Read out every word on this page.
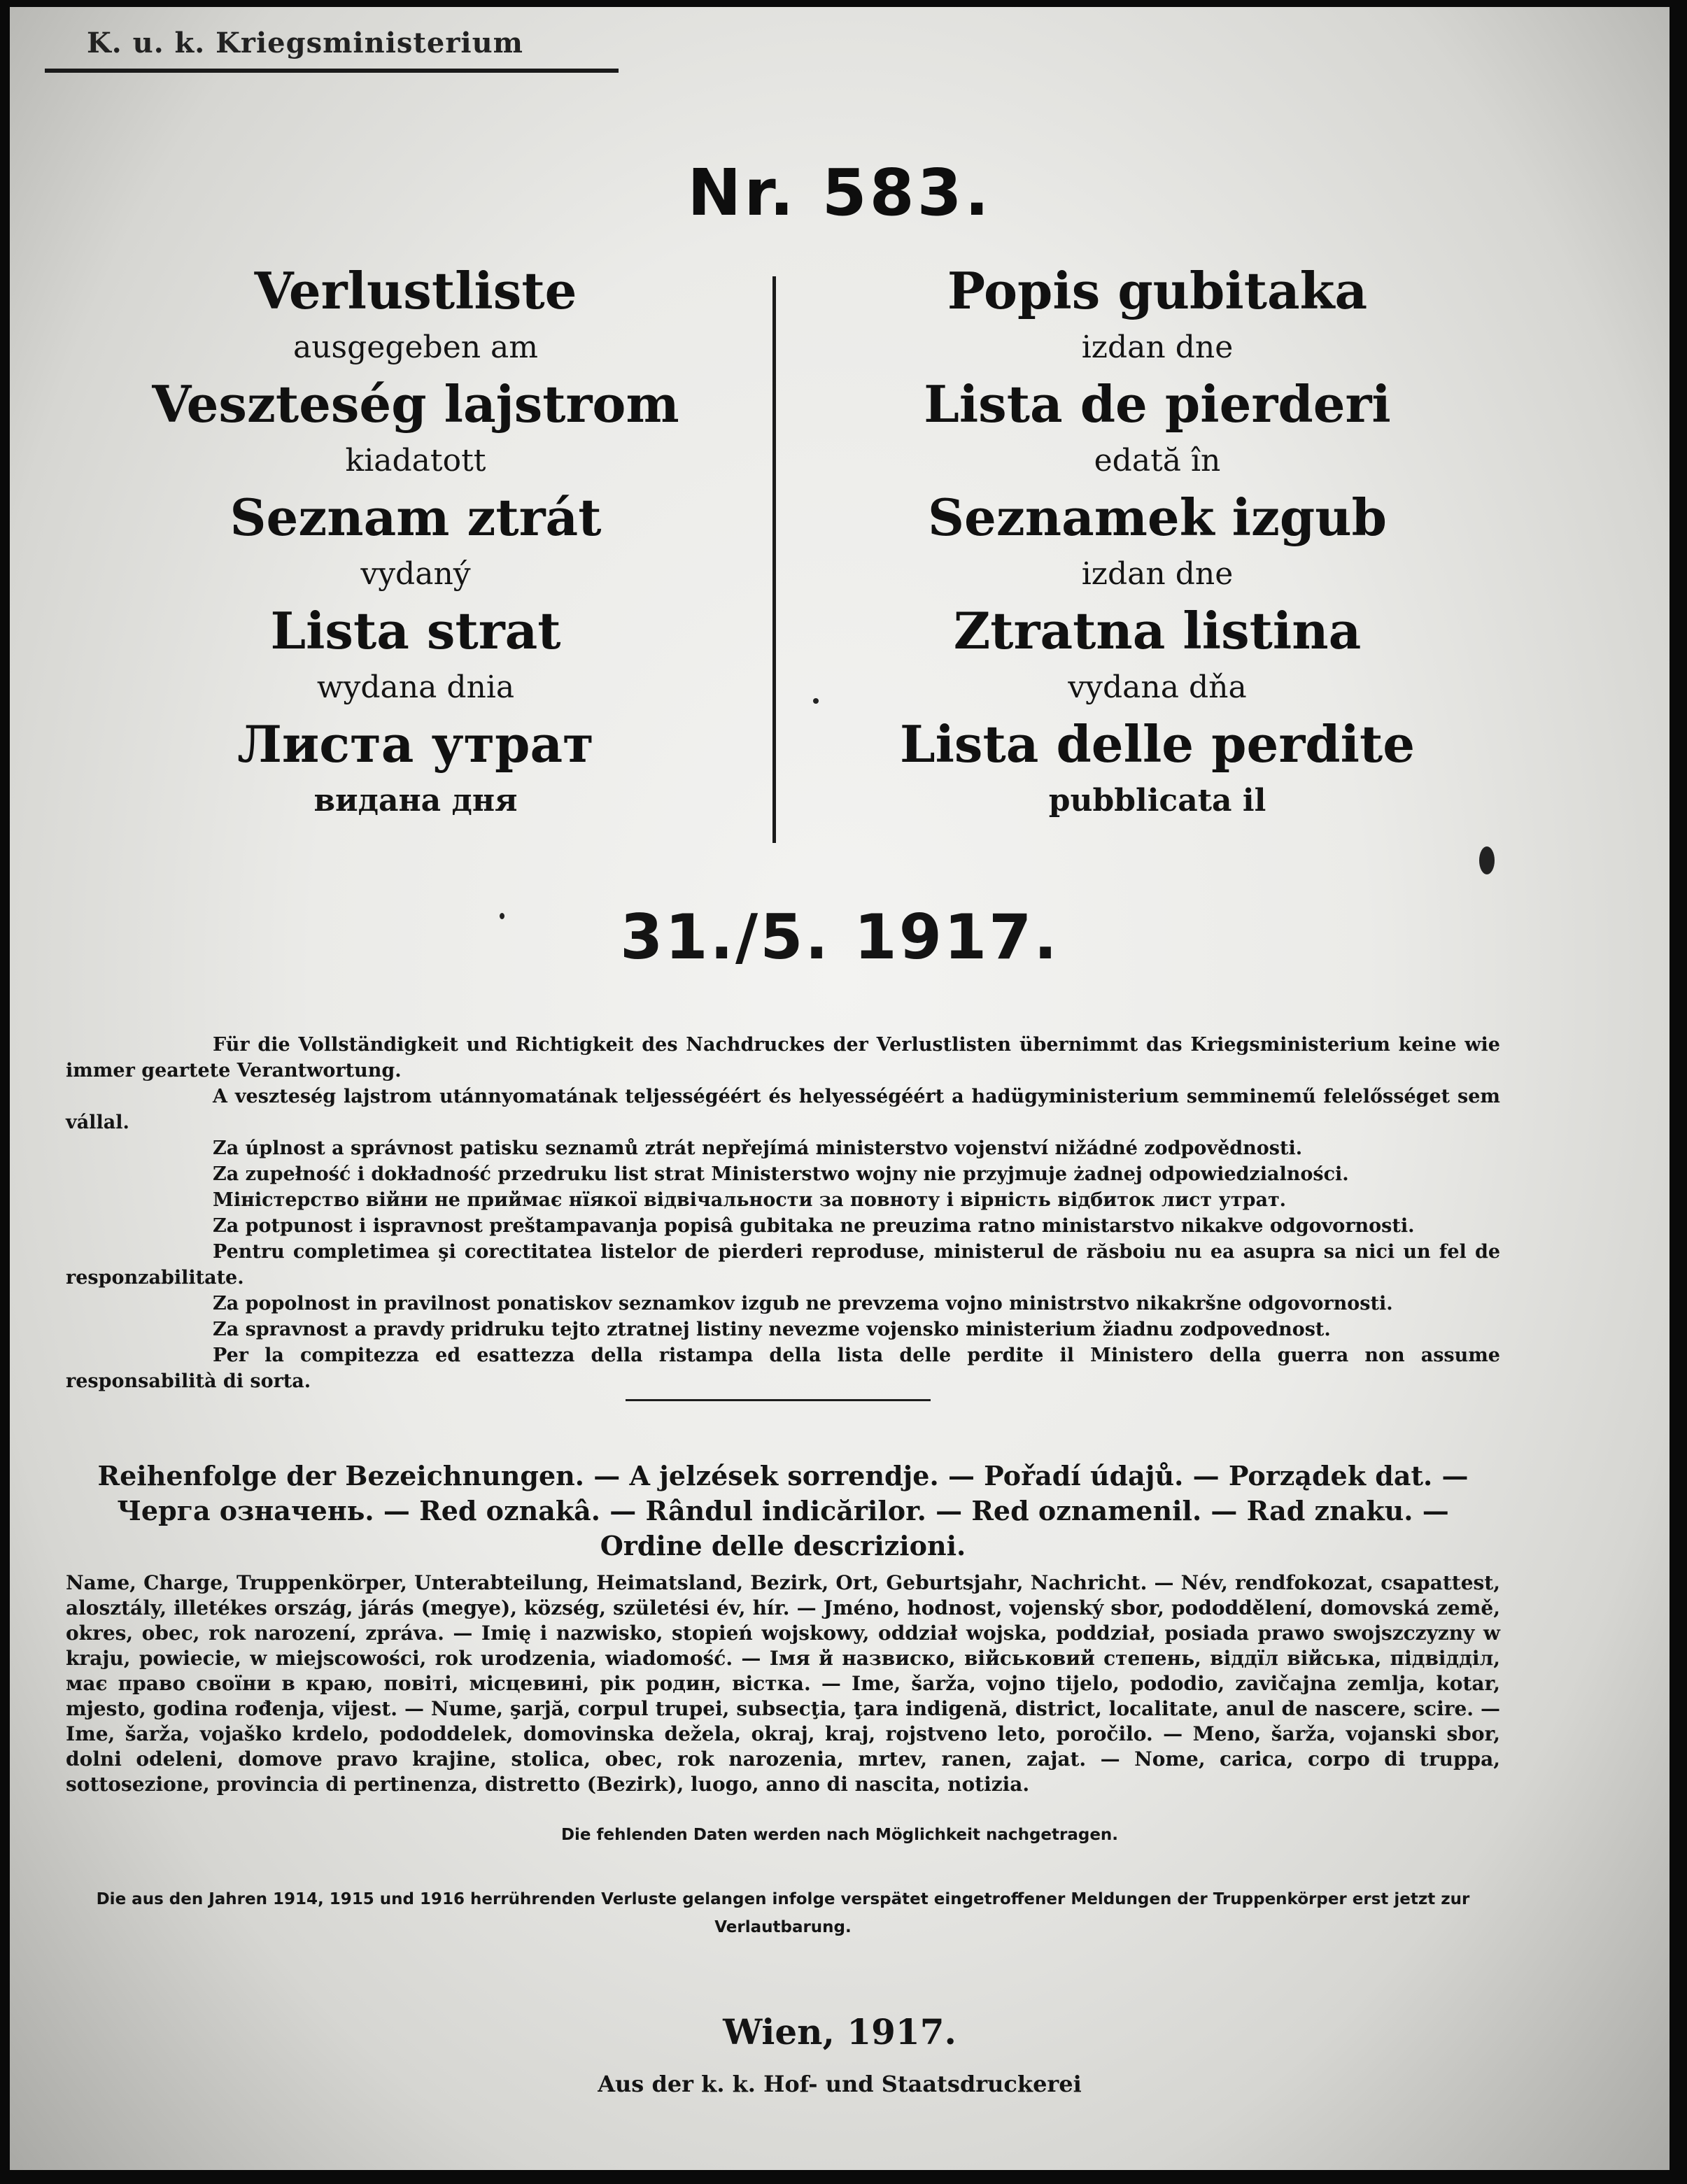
K. u. k. Kriegsministerium
Nr. 583.

Verlustliste

ausgegeben am

Veszteség lajstrom

kiadatott

Seznam ztrát

vydaný

Lista strat

wydana dnia

Листа утрат

видана дня

Popis gubitaka

izdan dne

Lista de pierderi

edată în

Seznamek izgub

izdan dne

Ztratna listina

vydana dňa

Lista delle perdite

pubblicata il

31./5. 1917.

Für die Vollständigkeit und Richtigkeit des Nachdruckes der Verlustlisten übernimmt das Kriegsministerium keine wie immer geartete Verantwortung.

A veszteség lajstrom utánnyomatának teljességéért és helyességéért a hadügyministerium semminemű felelősséget sem vállal.

Za úplnost a správnost patisku seznamů ztrát nepřejímá ministerstvo vojenství nižádné zodpovědnosti.

Za zupełność i dokładność przedruku list strat Ministerstwo wojny nie przyjmuje żadnej odpowiedzialności.

Міністерство війни не приймає нїякої відвічальности за повноту і вірність відбиток лист утрат.

Za potpunost i ispravnost preštampavanja popisâ gubitaka ne preuzima ratno ministarstvo nikakve odgovornosti.

Pentru completimea şi corectitatea listelor de pierderi reproduse, ministerul de răsboiu nu ea asupra sa nici un fel de responzabilitate.

Za popolnost in pravilnost ponatiskov seznamkov izgub ne prevzema vojno ministrstvo nikakršne odgovornosti.

Za spravnost a pravdy pridruku tejto ztratnej listiny nevezme vojensko ministerium žiadnu zodpovednost.

Per la compitezza ed esattezza della ristampa della lista delle perdite il Ministero della guerra non assume responsabilità di sorta.

Reihenfolge der Bezeichnungen. — A jelzések sorrendje. — Pořadí údajů. — Porządek dat. — Черга означень. — Red oznakâ. — Rândul indicărilor. — Red oznamenil. — Rad znaku. — Ordine delle descrizioni.
Name, Charge, Truppenkörper, Unterabteilung, Heimatsland, Bezirk, Ort, Geburtsjahr, Nachricht. — Név, rendfokozat, csapattest, alosztály, illetékes ország, járás (megye), község, születési év, hír. — Jméno, hodnost, vojenský sbor, pododdělení, domovská země, okres, obec, rok narození, zpráva. — Imię i nazwisko, stopień wojskowy, oddział wojska, poddział, posiada prawo swojszczyzny w kraju, powiecie, w miejscowości, rok urodzenia, wiadomość. — Імя й назвиско, військовий степень, віддїл війська, підвідділ, має право своїни в краю, повіті, місцевині, рік родин, вістка. — Ime, šarža, vojno tijelo, pododio, zavičajna zemlja, kotar, mjesto, godina rođenja, vijest. — Nume, şarjă, corpul trupei, subsecţia, ţara indigenă, district, localitate, anul de nascere, scire. — Ime, šarža, vojaško krdelo, pododdelek, domovinska dežela, okraj, kraj, rojstveno leto, poročilo. — Meno, šarža, vojanski sbor, dolni odeleni, domove pravo krajine, stolica, obec, rok narozenia, mrtev, ranen, zajat. — Nome, carica, corpo di truppa, sottosezione, provincia di pertinenza, distretto (Bezirk), luogo, anno di nascita, notizia.
Die fehlenden Daten werden nach Möglichkeit nachgetragen.
Die aus den Jahren 1914, 1915 und 1916 herrührenden Verluste gelangen infolge verspätet eingetroffener Meldungen der Truppenkörper erst jetzt zur Verlautbarung.
Wien, 1917.
Aus der k. k. Hof- und Staatsdruckerei
